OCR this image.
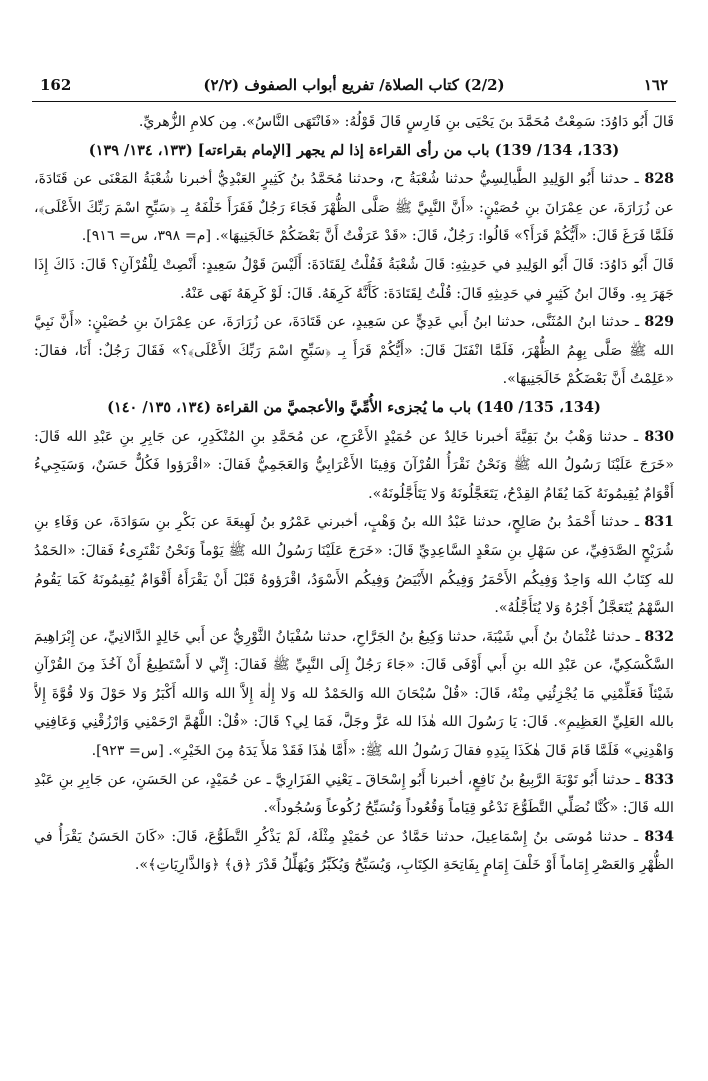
162	(2/2) كتاب الصلاة/ تفريع أبواب الصفوف (٢/٢)	١٦٢

قَالَ أَبُو دَاوُدَ: سَمِعْتُ مُحَمَّدَ بنَ يَحْيَى بنِ فَارِسٍ قَالَ قَوْلُهُ: «فَانْتَهَى النَّاسُ». مِن كلامِ الزُّهريِّ.

(133، 134/ 139) باب من رأى القراءة إذا لم يجهر [الإمام بقراءته] (١٣٣، ١٣٤/ ١٣٩)

828 ـ حدثنا أَبُو الوَلِيدِ الطَّيالِسِيُّ حدثنا شُعْبَةُ ح، وحدثنا مُحَمَّدُ بنُ كَثِيرٍ العَبْدِيُّ أخبرنا شُعْبَةُ المَعْنَى عن قَتَادَةَ، عن زُرَارَةَ، عن عِمْرَانَ بنِ حُصَيْنٍ: «أَنَّ النَّبِيَّ ﷺ صَلَّى الظُّهْرَ فَجَاءَ رَجُلٌ فَقَرَأَ خَلْفَهُ بِـ ﴿سَبِّحِ اسْمَ رَبِّكَ الأَعْلَى﴾، فَلَمَّا فَرَغَ قَالَ: «أَيُّكُمْ قَرَأَ؟» قَالُوا: رَجُلٌ، قَالَ: «قَدْ عَرَفْتُ أَنَّ بَعْضَكُمْ خَالَجَنِيهَا». [م= ٣٩٨، س= ٩١٦].

قَالَ أَبُو دَاوُدَ: قَالَ أَبُو الوَلِيدِ في حَدِيثِهِ: قَالَ شُعْبَةُ فَقُلْتُ لِقَتَادَةَ: أَلَيْسَ قَوْلُ سَعِيدٍ: أَنْصِتْ لِلْقُرْآنِ؟ قَالَ: ذَاكَ إِذَا جَهَرَ بِهِ. وقَالَ ابنُ كَثِيرٍ في حَدِيثِهِ قَالَ: قُلْتُ لِقَتَادَةَ: كَأَنَّهُ كَرِهَهُ. قَالَ: لَوْ كَرِهَهُ نَهَى عَنْهُ.

829 ـ حدثنا ابنُ المُثَنَّى، حدثنا ابنُ أَبي عَدِيٍّ عن سَعِيدٍ، عن قَتَادَةَ، عن زُرَارَةَ، عن عِمْرَانَ بنِ حُصَيْنٍ: «أَنَّ نَبِيَّ الله ﷺ صَلَّى بِهِمُ الظُّهْرَ، فَلَمَّا انْفَتَلَ قَالَ: «أَيُّكُمْ قَرَأَ بِـ ﴿سَبِّحِ اسْمَ رَبِّكَ الأَعْلَى﴾؟» فَقَالَ رَجُلٌ: أَنَا، فقالَ: «عَلِمْتُ أَنَّ بَعْضَكُمْ خَالَجَنِيهَا».

(134، 135/ 140) باب ما يُجزىء الأُمِّيَّ والأعجميَّ من القراءة (١٣٤، ١٣٥/ ١٤٠)

830 ـ حدثنا وَهْبُ بنُ بَقِيَّةَ أخبرنا خَالِدٌ عن حُمَيْدٍ الأَعْرَجِ، عن مُحَمَّدِ بنِ المُنْكَدِرِ، عن جَابِرِ بنِ عَبْدِ الله قَالَ: «خَرَجَ عَلَيْنَا رَسُولُ الله ﷺ وَنَحْنُ نَقْرَأُ القُرْآنَ وَفِينَا الأَعْرَابِيُّ وَالعَجَمِيُّ فَقالَ: «اقْرَؤوا فَكُلٌّ حَسَنٌ، وَسَيَجِيءُ أَقْوَامٌ يُقِيمُونَهُ كَمَا يُقَامُ القِدْحُ، يَتَعَجَّلُونَهُ وَلا يَتَأَجَّلُونَهُ».

831 ـ حدثنا أَحْمَدُ بنُ صَالِحٍ، حدثنا عَبْدُ الله بنُ وَهْبٍ، أخبرني عَمْرُو بنُ لَهِيعَةَ عن بَكْرِ بنِ سَوَادَةَ، عن وَفَاءِ بنِ شُرَيْحٍ الصَّدَفِيِّ، عن سَهْلِ بنِ سَعْدٍ السَّاعِدِيِّ قَالَ: «خَرَجَ عَلَيْنَا رَسُولُ الله ﷺ يَوْماً وَنَحْنُ نَقْتَرِىءُ فَقالَ: «الحَمْدُ لله كِتَابُ الله وَاحِدٌ وَفِيكُم الأَحْمَرُ وَفِيكُم الأَبْيَضُ وَفِيكُم الأَسْوَدُ، اقْرَؤوهُ قَبْلَ أَنْ يَقْرَأَهُ أَقْوَامٌ يُقِيمُونَهُ كَمَا يَقُومُ السَّهْمُ يُتَعَجَّلُ أَجْرُهُ وَلا يُتَأَجَّلُهُ».

832 ـ حدثنا عُثْمَانُ بنُ أَبي شَيْبَةَ، حدثنا وَكِيعُ بنُ الجَرَّاحِ، حدثنا سُفْيَانُ الثَّوْرِيُّ عن أَبي خَالِدٍ الدَّالانِيِّ، عن إِبْرَاهِيمَ السَّكْسَكِيِّ، عن عَبْدِ الله بنِ أَبي أَوْفَى قَالَ: «جَاءَ رَجُلٌ إِلَى النَّبِيِّ ﷺ فَقالَ: إِنِّي لا أَسْتَطِيعُ أَنْ آخُذَ مِنَ القُرْآنِ شَيْئاً فَعَلِّمْنِي مَا يُجْزِئُنِي مِنْهُ، قَالَ: «قُلْ سُبْحَانَ الله وَالحَمْدُ لله وَلا إِلٰهَ إِلاَّ الله وَالله أَكْبَرُ وَلا حَوْلَ وَلا قُوَّةَ إِلاَّ بالله العَلِيِّ العَظِيمِ». قَالَ: يَا رَسُولَ الله هٰذَا لله عَزَّ وجَلَّ، فَمَا لِي؟ قَالَ: «قُلْ: اللَّهُمَّ ارْحَمْنِي وَارْزُقْنِي وَعَافِنِي وَاهْدِنِي» فَلَمَّا قَامَ قَالَ هٰكَذَا بِيَدِهِ فقالَ رَسُولُ الله ﷺ: «أَمَّا هٰذَا فَقَدْ مَلأَ يَدَهُ مِنَ الخَيْرِ». [س= ٩٢٣].

833 ـ حدثنا أَبُو تَوْبَةَ الرَّبِيعُ بنُ نَافِعٍ، أخبرنا أَبُو إِسْحَاقَ ـ يَعْنِي الفَزَارِيَّ ـ عن حُمَيْدٍ، عن الحَسَنِ، عن جَابِرِ بنِ عَبْدِ الله قَالَ: «كُنَّا نُصَلِّي التَّطَوُّعَ نَدْعُو قِيَاماً وَقُعُوداً وَنُسَبِّحُ رُكُوعاً وَسُجُوداً».

834 ـ حدثنا مُوسَى بنُ إِسْمَاعِيلَ، حدثنا حَمَّادٌ عن حُمَيْدٍ مِثْلَهُ، لَمْ يَذْكُرِ التَّطَوُّعَ، قَالَ: «كَانَ الحَسَنُ يَقْرَأُ في الظُّهْرِ وَالعَصْرِ إِمَاماً أَوْ خَلْفَ إِمَامٍ بِفَاتِحَةِ الكِتَابِ، وَيُسَبِّحُ وَيُكَبِّرُ وَيُهَلِّلُ قَدْرَ ﴿ق﴾ ﴿وَالذَّارِيَاتِ﴾».
